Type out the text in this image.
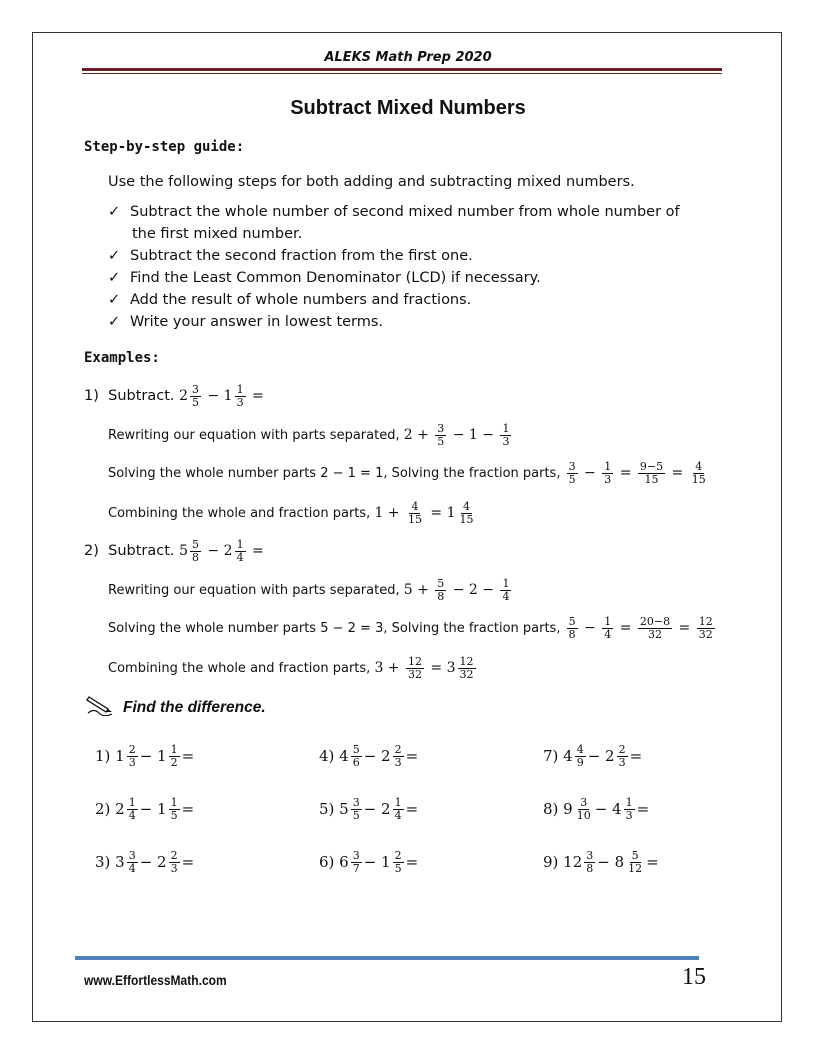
ALEKS Math Prep 2020
Subtract Mixed Numbers
Step-by-step guide:
Use the following steps for both adding and subtracting mixed numbers.
✓ Subtract the whole number of second mixed number from whole number of
the first mixed number.
✓ Subtract the second fraction from the first one.
✓ Find the Least Common Denominator (LCD) if necessary.
✓ Add the result of whole numbers and fractions.
✓ Write your answer in lowest terms.
Examples:
1)
Subtract.
$2 \frac{3}{5} - 1 \frac{1}{3}$ =
Rewriting our equation with parts separated,
$2 + \frac{3}{5} - 1 - \frac{1}{3}$
Solving the whole number parts 2 − 1 = 1, Solving the fraction parts,
$\frac{3}{5} - \frac{1}{3} = \frac{9-5}{15} = \frac{4}{15}$
Combining the whole and fraction parts,
$1 + \frac{4}{15} = 1 \frac{4}{15}$
2)
Subtract.
$5 \frac{5}{8} - 2 \frac{1}{4}$ =
Rewriting our equation with parts separated,
$5 + \frac{5}{8} - 2 - \frac{1}{4}$
Solving the whole number parts 5 − 2 = 3, Solving the fraction parts,
$\frac{5}{8} - \frac{1}{4} = \frac{20-8}{32} = \frac{12}{32}$
Combining the whole and fraction parts,
$3 + \frac{12}{32} = 3 \frac{12}{32}$
Find the difference.
1) $1 \frac{2}{3} - 1 \frac{1}{2}$ =
2) $2 \frac{1}{4} - 1 \frac{1}{5}$ =
3) $3 \frac{3}{4} - 2 \frac{2}{3}$ =
4) $4 \frac{5}{6} - 2 \frac{2}{3}$ =
5) $5 \frac{3}{5} - 2 \frac{1}{4}$ =
6) $6 \frac{3}{7} - 1 \frac{2}{5}$ =
7) $4 \frac{4}{9} - 2 \frac{2}{3}$ =
8) $9 \frac{3}{10} - 4 \frac{1}{3}$ =
9) $12 \frac{3}{8} - 8 \frac{5}{12}$ =
www.EffortlessMath.com	15
